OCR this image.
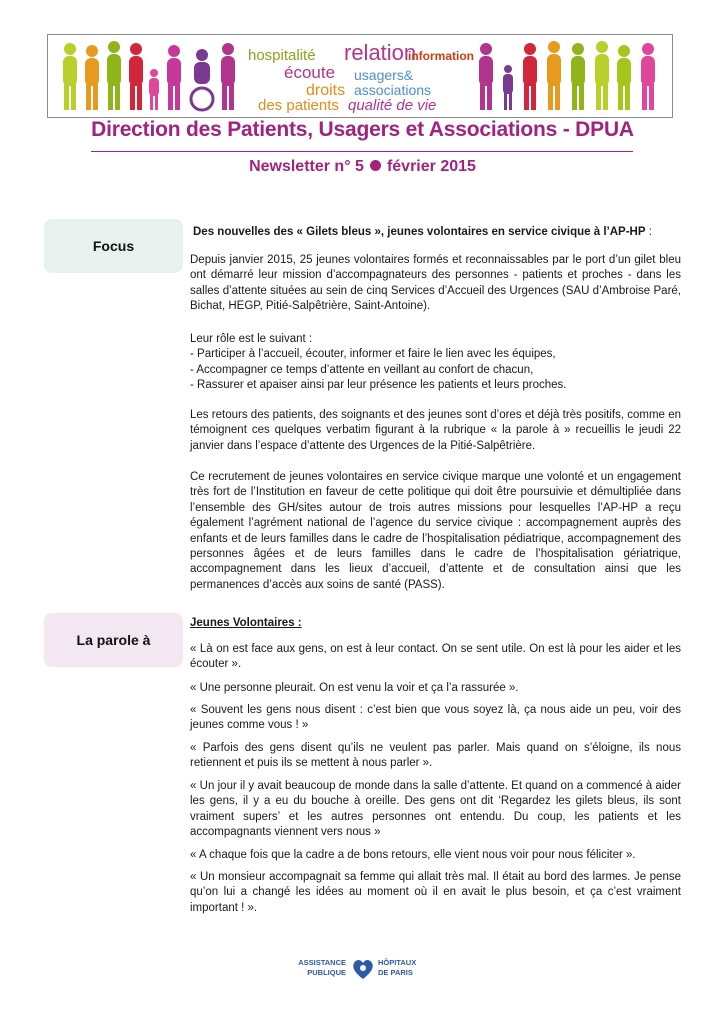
hospitalité relation
information
écoute usagers&
droits associations
des patients qualité de vie
Direction des Patients, Usagers et Associations - DPUA
Newsletter n° 5 février 2015
Focus
Des nouvelles des « Gilets bleus », jeunes volontaires en service civique à l’AP-HP :

Depuis janvier 2015, 25 jeunes volontaires formés et reconnaissables par le port d’un gilet bleu ont démarré leur mission d’accompagnateurs des personnes - patients et proches - dans les salles d’attente situées au sein de cinq Services d’Accueil des Urgences (SAU d’Ambroise Paré, Bichat, HEGP, Pitié-Salpêtrière, Saint-Antoine).

Leur rôle est le suivant :

- Participer à l’accueil, écouter, informer et faire le lien avec les équipes,

- Accompagner ce temps d’attente en veillant au confort de chacun,

- Rassurer et apaiser ainsi par leur présence les patients et leurs proches.

Les retours des patients, des soignants et des jeunes sont d’ores et déjà très positifs, comme en témoignent ces quelques verbatim figurant à la rubrique « la parole à » recueillis le jeudi 22 janvier dans l’espace d’attente des Urgences de la Pitié-Salpêtrière.

Ce recrutement de jeunes volontaires en service civique marque une volonté et un engagement très fort de l’Institution en faveur de cette politique qui doit être poursuivie et démultipliée dans l’ensemble des GH/sites autour de trois autres missions pour lesquelles l’AP-HP a reçu également l’agrément national de l’agence du service civique : accompagnement auprès des enfants et de leurs familles dans le cadre de l’hospitalisation pédiatrique, accompagnement des personnes âgées et de leurs familles dans le cadre de l’hospitalisation gériatrique, accompagnement dans les lieux d’accueil, d’attente et de consultation ainsi que les permanences d’accès aux soins de santé (PASS).

La parole à
Jeunes Volontaires :

« Là on est face aux gens, on est à leur contact. On se sent utile. On est là pour les aider et les écouter ».

« Une personne pleurait. On est venu la voir et ça l’a rassurée ».

« Souvent les gens nous disent : c’est bien que vous soyez là, ça nous aide un peu, voir des jeunes comme vous ! »

« Parfois des gens disent qu’ils ne veulent pas parler. Mais quand on s’éloigne, ils nous retiennent et puis ils se mettent à nous parler ».

« Un jour il y avait beaucoup de monde dans la salle d’attente. Et quand on a commencé à aider les gens, il y a eu du bouche à oreille. Des gens ont dit ‘Regardez les gilets bleus, ils sont vraiment supers’ et les autres personnes ont entendu. Du coup, les patients et les accompagnants viennent vers nous »

« A chaque fois que la cadre a de bons retours, elle vient nous voir pour nous féliciter ».

« Un monsieur accompagnait sa femme qui allait très mal. Il était au bord des larmes. Je pense qu’on lui a changé les idées au moment où il en avait le plus besoin, et ça c’est vraiment important ! ».

ASSISTANCE
PUBLIQUE
HÔPITAUX
DE PARIS
